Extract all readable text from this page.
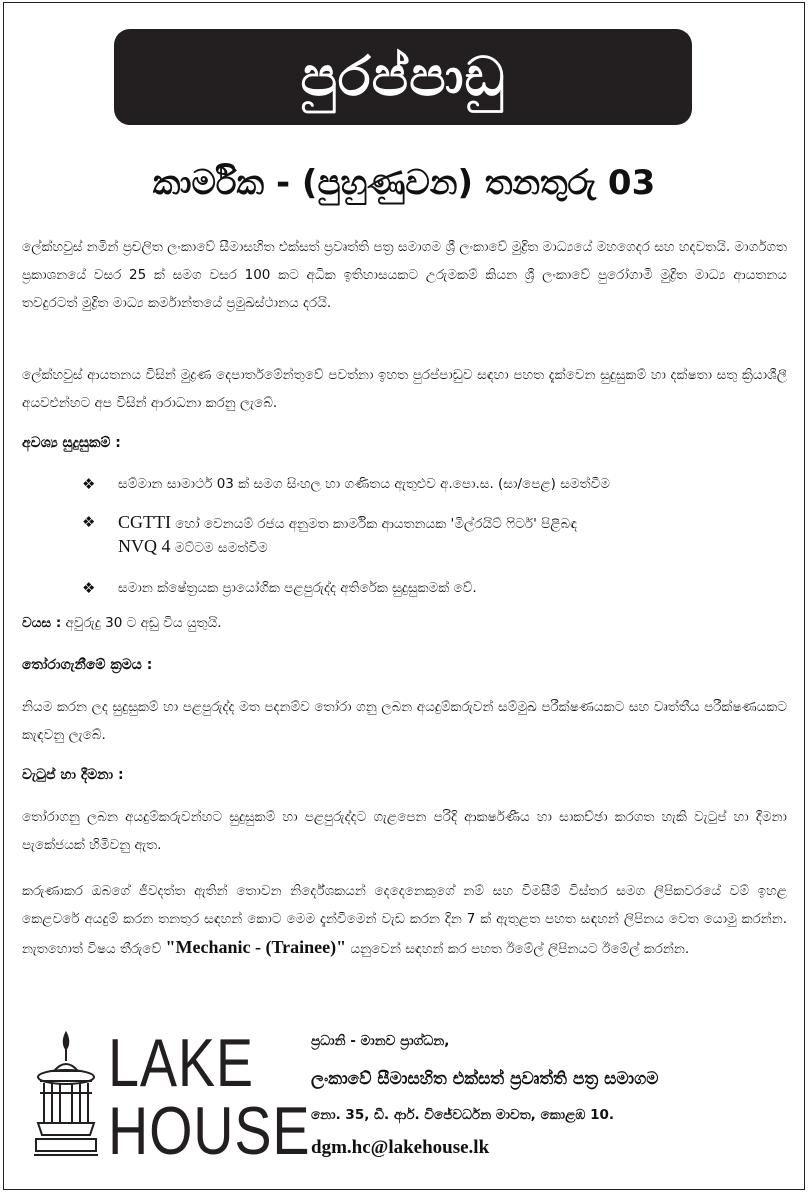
පුරප්පාඩු
කාර්මික - (පුහුණුවන) තනතුරු 03
ලේක්හවුස් නමින් ප්‍රචලිත ලංකාවේ සීමාසහිත එක්සත් ප්‍රවෘත්ති පත්‍ර සමාගම ශ්‍රී ලංකාවේ මුද්‍රිත මාධ්‍යයේ මහගෙදර සහ හදවතයි. මාර්ගගත ප්‍රකාශනයේ වසර 25 ක් සමග වසර 100 කට අධික ඉතිහාසයකට උරුමකම් කියන ශ්‍රී ලංකාවේ පුරෝගාමී මුද්‍රිත මාධ්‍ය ආයතනය තවදුරටත් මුද්‍රිත මාධ්‍ය කර්මාන්තයේ ප්‍රමුඛස්ථානය දරයි.
ලේක්හවුස් ආයතනය විසින් මුද්‍රණ දෙපාර්තමේන්තුවේ පවත්නා ඉහත පුරප්පාඩුව සඳහා පහත දැක්වෙන සුදුසුකම් හා දක්ෂතා සතු ක්‍රියාශීලී අයවළුන්හට අප විසින් ආරාධනා කරනු ලැබේ.
අවශ්‍ය සුදුසුකම් :
❖	සම්මාන සාමාර්ථ 03 ක් සමග සිංහල හා ගණිතය ඇතුළුව අ.පො.ස. (සා/පෙළ) සමත්වීම
❖	CGTTI හෝ වෙනයම් රජය අනුමත කාර්මික ආයතනයක 'මිල්රයිට් ෆිටර්' පිළිබඳ
NVQ 4 මට්ටම සමත්වීම
❖	සමාන ක්ෂේත්‍රයක ප්‍රායෝගික පළපුරුද්ද අතිරේක සුදුසුකමක් වේ.
වයස : අවුරුදු 30 ට අඩු විය යුතුයි.
තෝරාගැනීමේ ක්‍රමය :
නියම කරන ලද සුදුසුකම් හා පළපුරුද්ද මත පදනම්ව තෝරා ගනු ලබන අයදුම්කරුවන් සම්මුඛ පරීක්ෂණයකට සහ වෘත්තීය පරීක්ෂණයකට කැඳවනු ලැබේ.
වැටුප් හා දීමනා :
තෝරාගනු ලබන අයදුම්කරුවන්හට සුදුසුකම් හා පළපුරුද්දට ගැළපෙන පරිදි ආකර්ෂණීය හා සාකච්ඡා කරගත හැකි වැටුප් හා දීමනා පැකේජයක් හිමිවනු ඇත.
කරුණාකර ඔබගේ ජීවදත්ත ඇතින් තොවන නිර්දේශකයන් දෙදෙනෙකුගේ නම් සහ විමසීම් විස්තර සමග ලිපිකවරයේ වම් ඉහළ කෙළවරේ අයදුම් කරන තනතුර සඳහන් කොට මෙම දැන්වීමෙන් වැඩ කරන දින 7 ක් ඇතුළත පහත සඳහන් ලිපිනය වෙත යොමු කරන්න. නැතහොත් විෂය තීරුවේ "Mechanic - (Trainee)" යනුවෙන් සඳහන් කර පහත ඊමේල් ලිපිනයට ඊමේල් කරන්න.
LAKE
HOUSE
ප්‍රධානි - මානව ප්‍රාග්ධන,
ලංකාවේ සීමාසහිත එක්සත් ප්‍රවෘත්ති පත්‍ර සමාගම
නො. 35, ඩී. ආර්. විජේවර්ධන මාවත, කොළඹ 10.
dgm.hc@lakehouse.lk
